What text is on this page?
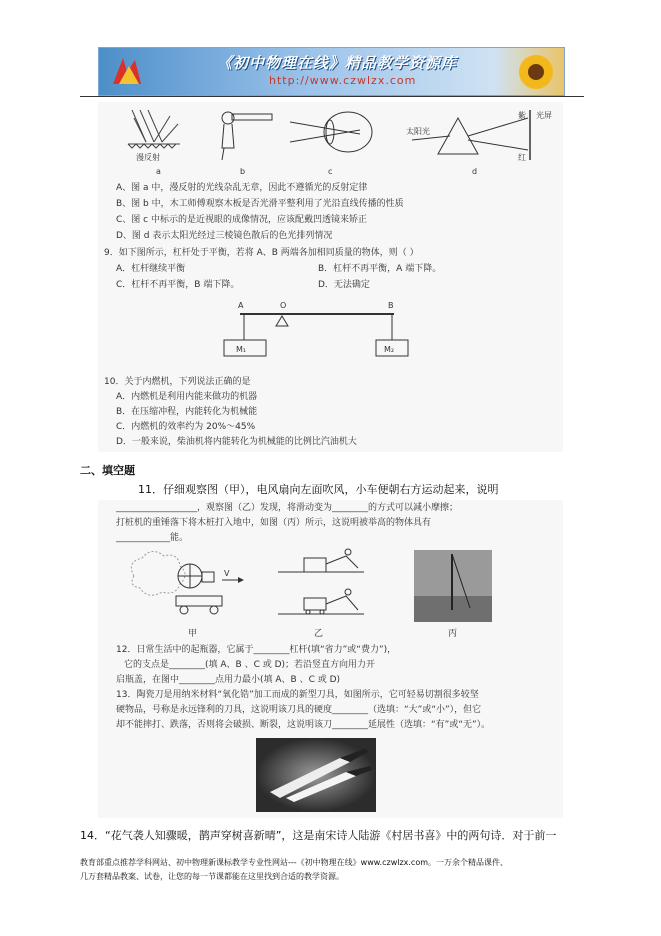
《初中物理在线》精品教学资源库
http://www.czwlzx.com
漫反射
a	b	c
太阳光
紫
红
光屏
d
A、图 a 中，漫反射的光线杂乱无章，因此不遵循光的反射定律
B、图 b 中，木工师傅观察木板是否光滑平整利用了光沿直线传播的性质
C、图 c 中标示的是近视眼的成像情况，应该配戴凹透镜来矫正
D、图 d 表示太阳光经过三棱镜色散后的色光排列情况
9．如下图所示，杠杆处于平衡，若将 A、B 两端各加相同质量的物体，则（ ）
A．杠杆继续平衡	B．杠杆不再平衡，A 端下降。
C．杠杆不再平衡，B 端下降。	D．无法确定
A	O	B
M₁	M₂
10．关于内燃机，下列说法正确的是
A．内燃机是利用内能来做功的机器
B．在压缩冲程，内能转化为机械能
C．内燃机的效率约为 20%～45%
D．一般来说，柴油机将内能转化为机械能的比例比汽油机大
二、填空题
11．仔细观察图（甲），电风扇向左面吹风，小车便朝右方运动起来，说明
__________________，观察图（乙）发现，将滑动变为________的方式可以减小摩擦；
打桩机的重锤落下将木桩打入地中，如图（丙）所示，这说明被举高的物体具有
____________能。
V
甲	乙	丙
12．日常生活中的起瓶器，它属于________杠杆(填“省力”或“费力”)，
它的支点是________(填 A、B 、C 或 D)；若沿竖直方向用力开
启瓶盖，在图中________点用力最小(填 A、B 、C 或 D)
13．陶瓷刀是用纳米材料“氧化锆”加工而成的新型刀具，如图所示，它可轻易切割很多较坚
硬物品，号称是永远锋利的刀具，这说明该刀具的硬度________（选填：“大”或“小”），但它
却不能摔打、跌落，否则将会破损、断裂，这说明该刀________延展性（选填：“有”或“无”）。
14．“花气袭人知骤暖，鹊声穿树喜新晴”，这是南宋诗人陆游《村居书喜》中的两句诗．对于前一
教育部重点推荐学科网站、初中物理新课标教学专业性网站---《初中物理在线》www.czwlzx.com。一万余个精品课件、
几万套精品教案、试卷，让您的每一节课都能在这里找到合适的教学资源。
